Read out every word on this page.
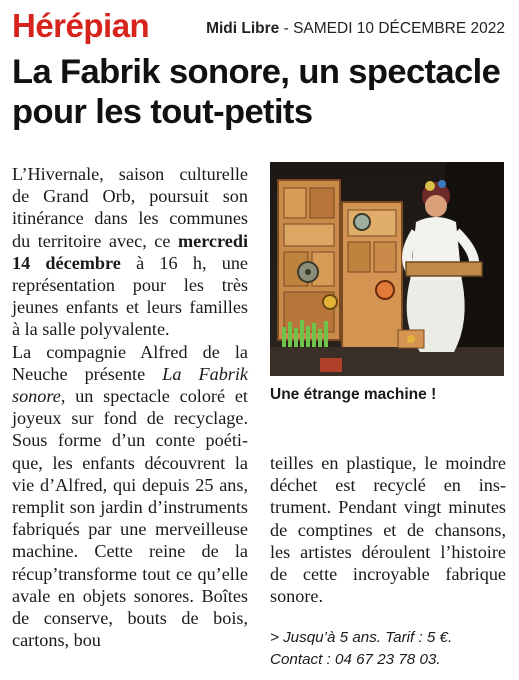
Hérépian	Midi Libre - SAMEDI 10 DÉCEMBRE 2022
La Fabrik sonore, un spectacle pour les tout-petits

L’Hivernale, saison culturelle de Grand Orb, poursuit son itinérance dans les communes du territoire avec, ce mercredi 14 décembre à 16 h, une représentation pour les très jeunes enfants et leurs familles à la salle polyvalente.

La compagnie Alfred de la Neuche présente La Fabrik sonore, un spectacle coloré et joyeux sur fond de recyclage. Sous forme d’un conte poétique, les enfants découvrent la vie d’Alfred, qui depuis 25 ans, remplit son jardin d’instruments fabriqués par une merveilleuse machine. Cette reine de la récup’transforme tout ce qu’elle avale en objets sonores. Boîtes de conserve, bouts de bois, cartons, bou

Une étrange machine !

teilles en plastique, le moindre déchet est recyclé en instrument. Pendant vingt minutes de comptines et de chansons, les artistes déroulent l’histoire de cette incroyable fabrique sonore.

> Jusqu’à 5 ans. Tarif : 5 €.
Contact : 04 67 23 78 03.
